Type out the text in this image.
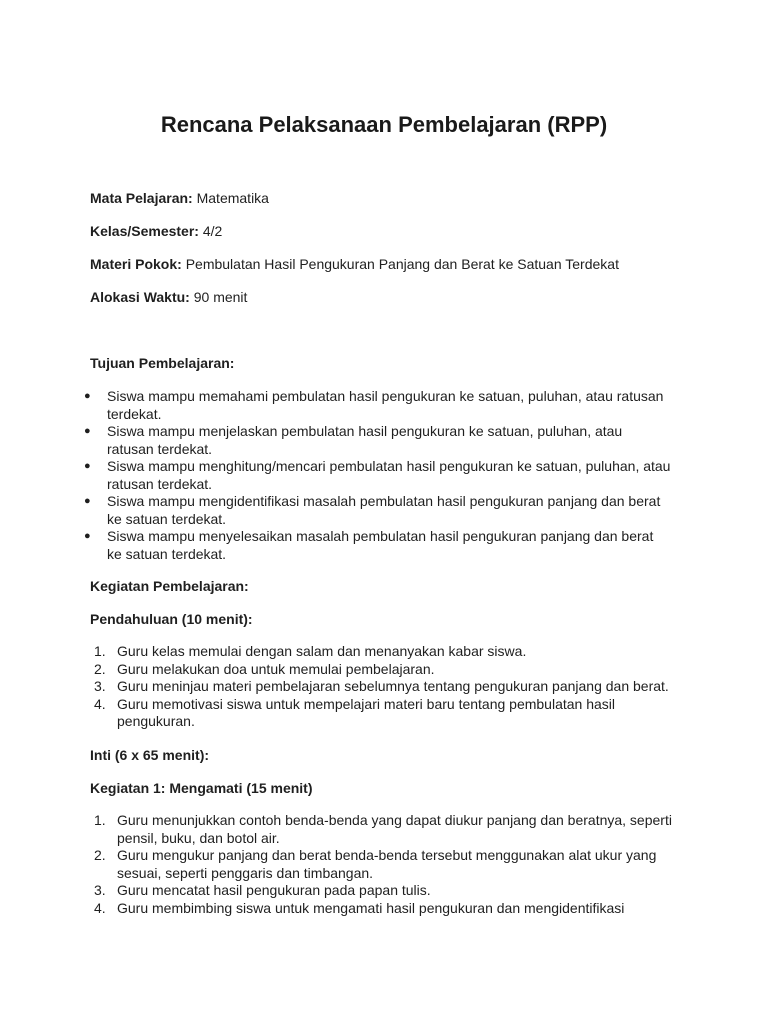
Rencana Pelaksanaan Pembelajaran (RPP)
Mata Pelajaran: Matematika
Kelas/Semester: 4/2
Materi Pokok: Pembulatan Hasil Pengukuran Panjang dan Berat ke Satuan Terdekat
Alokasi Waktu: 90 menit
Tujuan Pembelajaran:
● Siswa mampu memahami pembulatan hasil pengukuran ke satuan, puluhan, atau ratusan terdekat.
● Siswa mampu menjelaskan pembulatan hasil pengukuran ke satuan, puluhan, atau ratusan terdekat.
● Siswa mampu menghitung/mencari pembulatan hasil pengukuran ke satuan, puluhan, atau ratusan terdekat.
● Siswa mampu mengidentifikasi masalah pembulatan hasil pengukuran panjang dan berat ke satuan terdekat.
● Siswa mampu menyelesaikan masalah pembulatan hasil pengukuran panjang dan berat ke satuan terdekat.
Kegiatan Pembelajaran:
Pendahuluan (10 menit):
1. Guru kelas memulai dengan salam dan menanyakan kabar siswa.
2. Guru melakukan doa untuk memulai pembelajaran.
3. Guru meninjau materi pembelajaran sebelumnya tentang pengukuran panjang dan berat.
4. Guru memotivasi siswa untuk mempelajari materi baru tentang pembulatan hasil pengukuran.
Inti (6 x 65 menit):
Kegiatan 1: Mengamati (15 menit)
1. Guru menunjukkan contoh benda-benda yang dapat diukur panjang dan beratnya, seperti pensil, buku, dan botol air.
2. Guru mengukur panjang dan berat benda-benda tersebut menggunakan alat ukur yang sesuai, seperti penggaris dan timbangan.
3. Guru mencatat hasil pengukuran pada papan tulis.
4. Guru membimbing siswa untuk mengamati hasil pengukuran dan mengidentifikasi
